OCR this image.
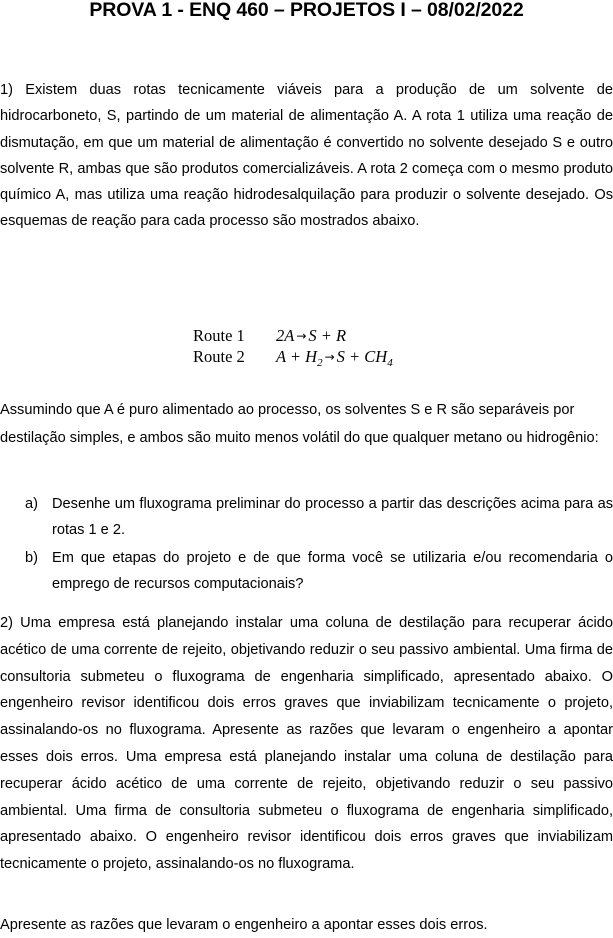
PROVA 1 - ENQ 460 – PROJETOS I – 08/02/2022

1) Existem duas rotas tecnicamente viáveis para a produção de um solvente de hidrocarboneto, S, partindo de um material de alimentação A. A rota 1 utiliza uma reação de dismutação, em que um material de alimentação é convertido no solvente desejado S e outro solvente R, ambas que são produtos comercializáveis. A rota 2 começa com o mesmo produto químico A, mas utiliza uma reação hidrodesalquilação para produzir o solvente desejado. Os esquemas de reação para cada processo são mostrados abaixo.

Route 1 2A → S + R
Route 2 $A + H_2 \to S + CH_4$

Assumindo que A é puro alimentado ao processo, os solventes S e R são separáveis por destilação simples, e ambos são muito menos volátil do que qualquer metano ou hidrogênio:

a) Desenhe um fluxograma preliminar do processo a partir das descrições acima para as rotas 1 e 2.
b) Em que etapas do projeto e de que forma você se utilizaria e/ou recomendaria o emprego de recursos computacionais?

2) Uma empresa está planejando instalar uma coluna de destilação para recuperar ácido acético de uma corrente de rejeito, objetivando reduzir o seu passivo ambiental. Uma firma de consultoria submeteu o fluxograma de engenharia simplificado, apresentado abaixo. O engenheiro revisor identificou dois erros graves que inviabilizam tecnicamente o projeto, assinalando-os no fluxograma. Apresente as razões que levaram o engenheiro a apontar esses dois erros. Uma empresa está planejando instalar uma coluna de destilação para recuperar ácido acético de uma corrente de rejeito, objetivando reduzir o seu passivo ambiental. Uma firma de consultoria submeteu o fluxograma de engenharia simplificado, apresentado abaixo. O engenheiro revisor identificou dois erros graves que inviabilizam tecnicamente o projeto, assinalando-os no fluxograma.

Apresente as razões que levaram o engenheiro a apontar esses dois erros.
